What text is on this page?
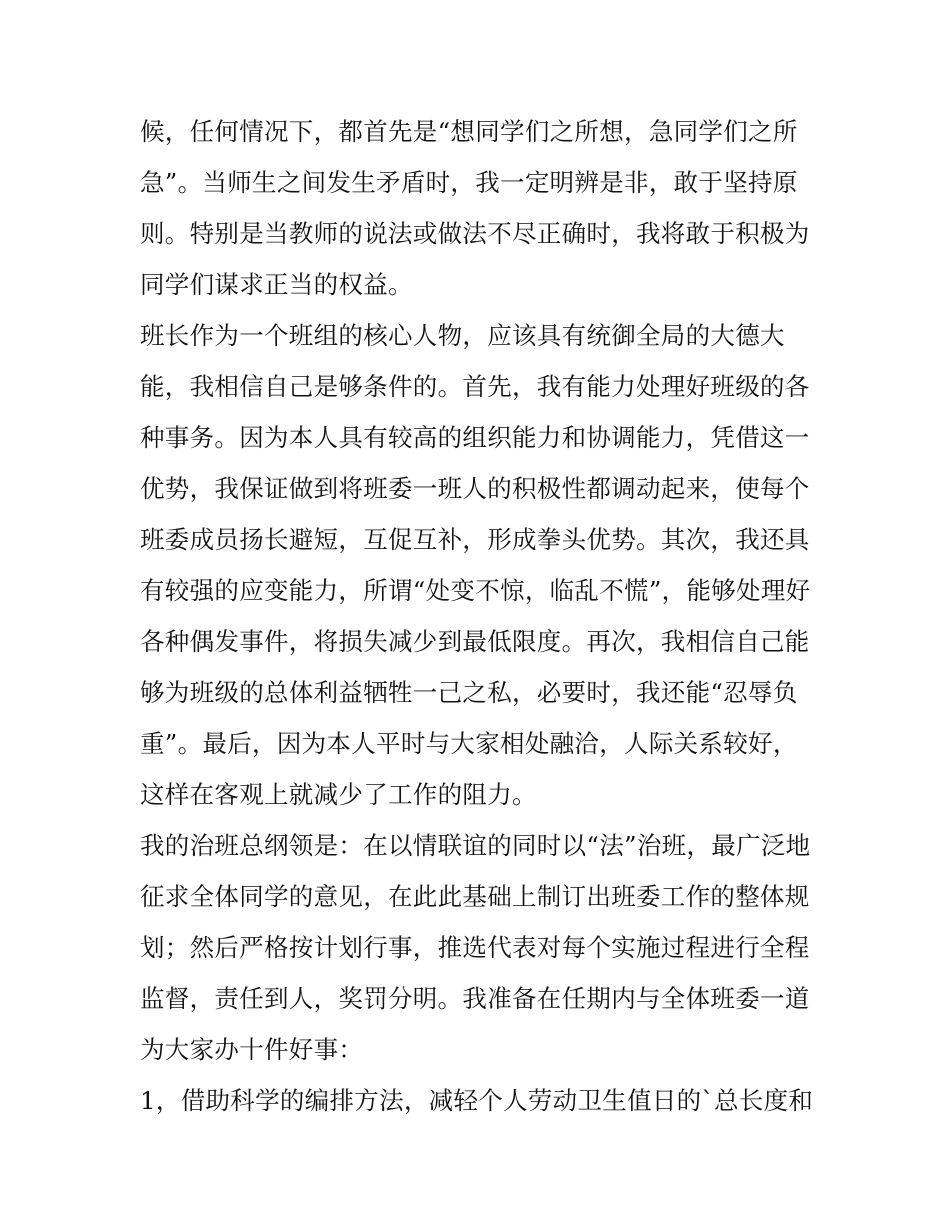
候，任何情况下，都首先是“想同学们之所想，急同学们之所
急”。当师生之间发生矛盾时，我一定明辨是非，敢于坚持原
则。特别是当教师的说法或做法不尽正确时，我将敢于积极为
同学们谋求正当的权益。
班长作为一个班组的核心人物，应该具有统御全局的大德大
能，我相信自己是够条件的。首先，我有能力处理好班级的各
种事务。因为本人具有较高的组织能力和协调能力，凭借这一
优势，我保证做到将班委一班人的积极性都调动起来，使每个
班委成员扬长避短，互促互补，形成拳头优势。其次，我还具
有较强的应变能力，所谓“处变不惊，临乱不慌”，能够处理好
各种偶发事件，将损失减少到最低限度。再次，我相信自己能
够为班级的总体利益牺牲一己之私，必要时，我还能“忍辱负
重”。最后，因为本人平时与大家相处融洽，人际关系较好，
这样在客观上就减少了工作的阻力。
我的治班总纲领是：在以情联谊的同时以“法”治班，最广泛地
征求全体同学的意见，在此此基础上制订出班委工作的整体规
划；然后严格按计划行事，推选代表对每个实施过程进行全程
监督，责任到人，奖罚分明。我准备在任期内与全体班委一道
为大家办十件好事：
1，借助科学的编排方法，减轻个人劳动卫生值日的`总长度和
